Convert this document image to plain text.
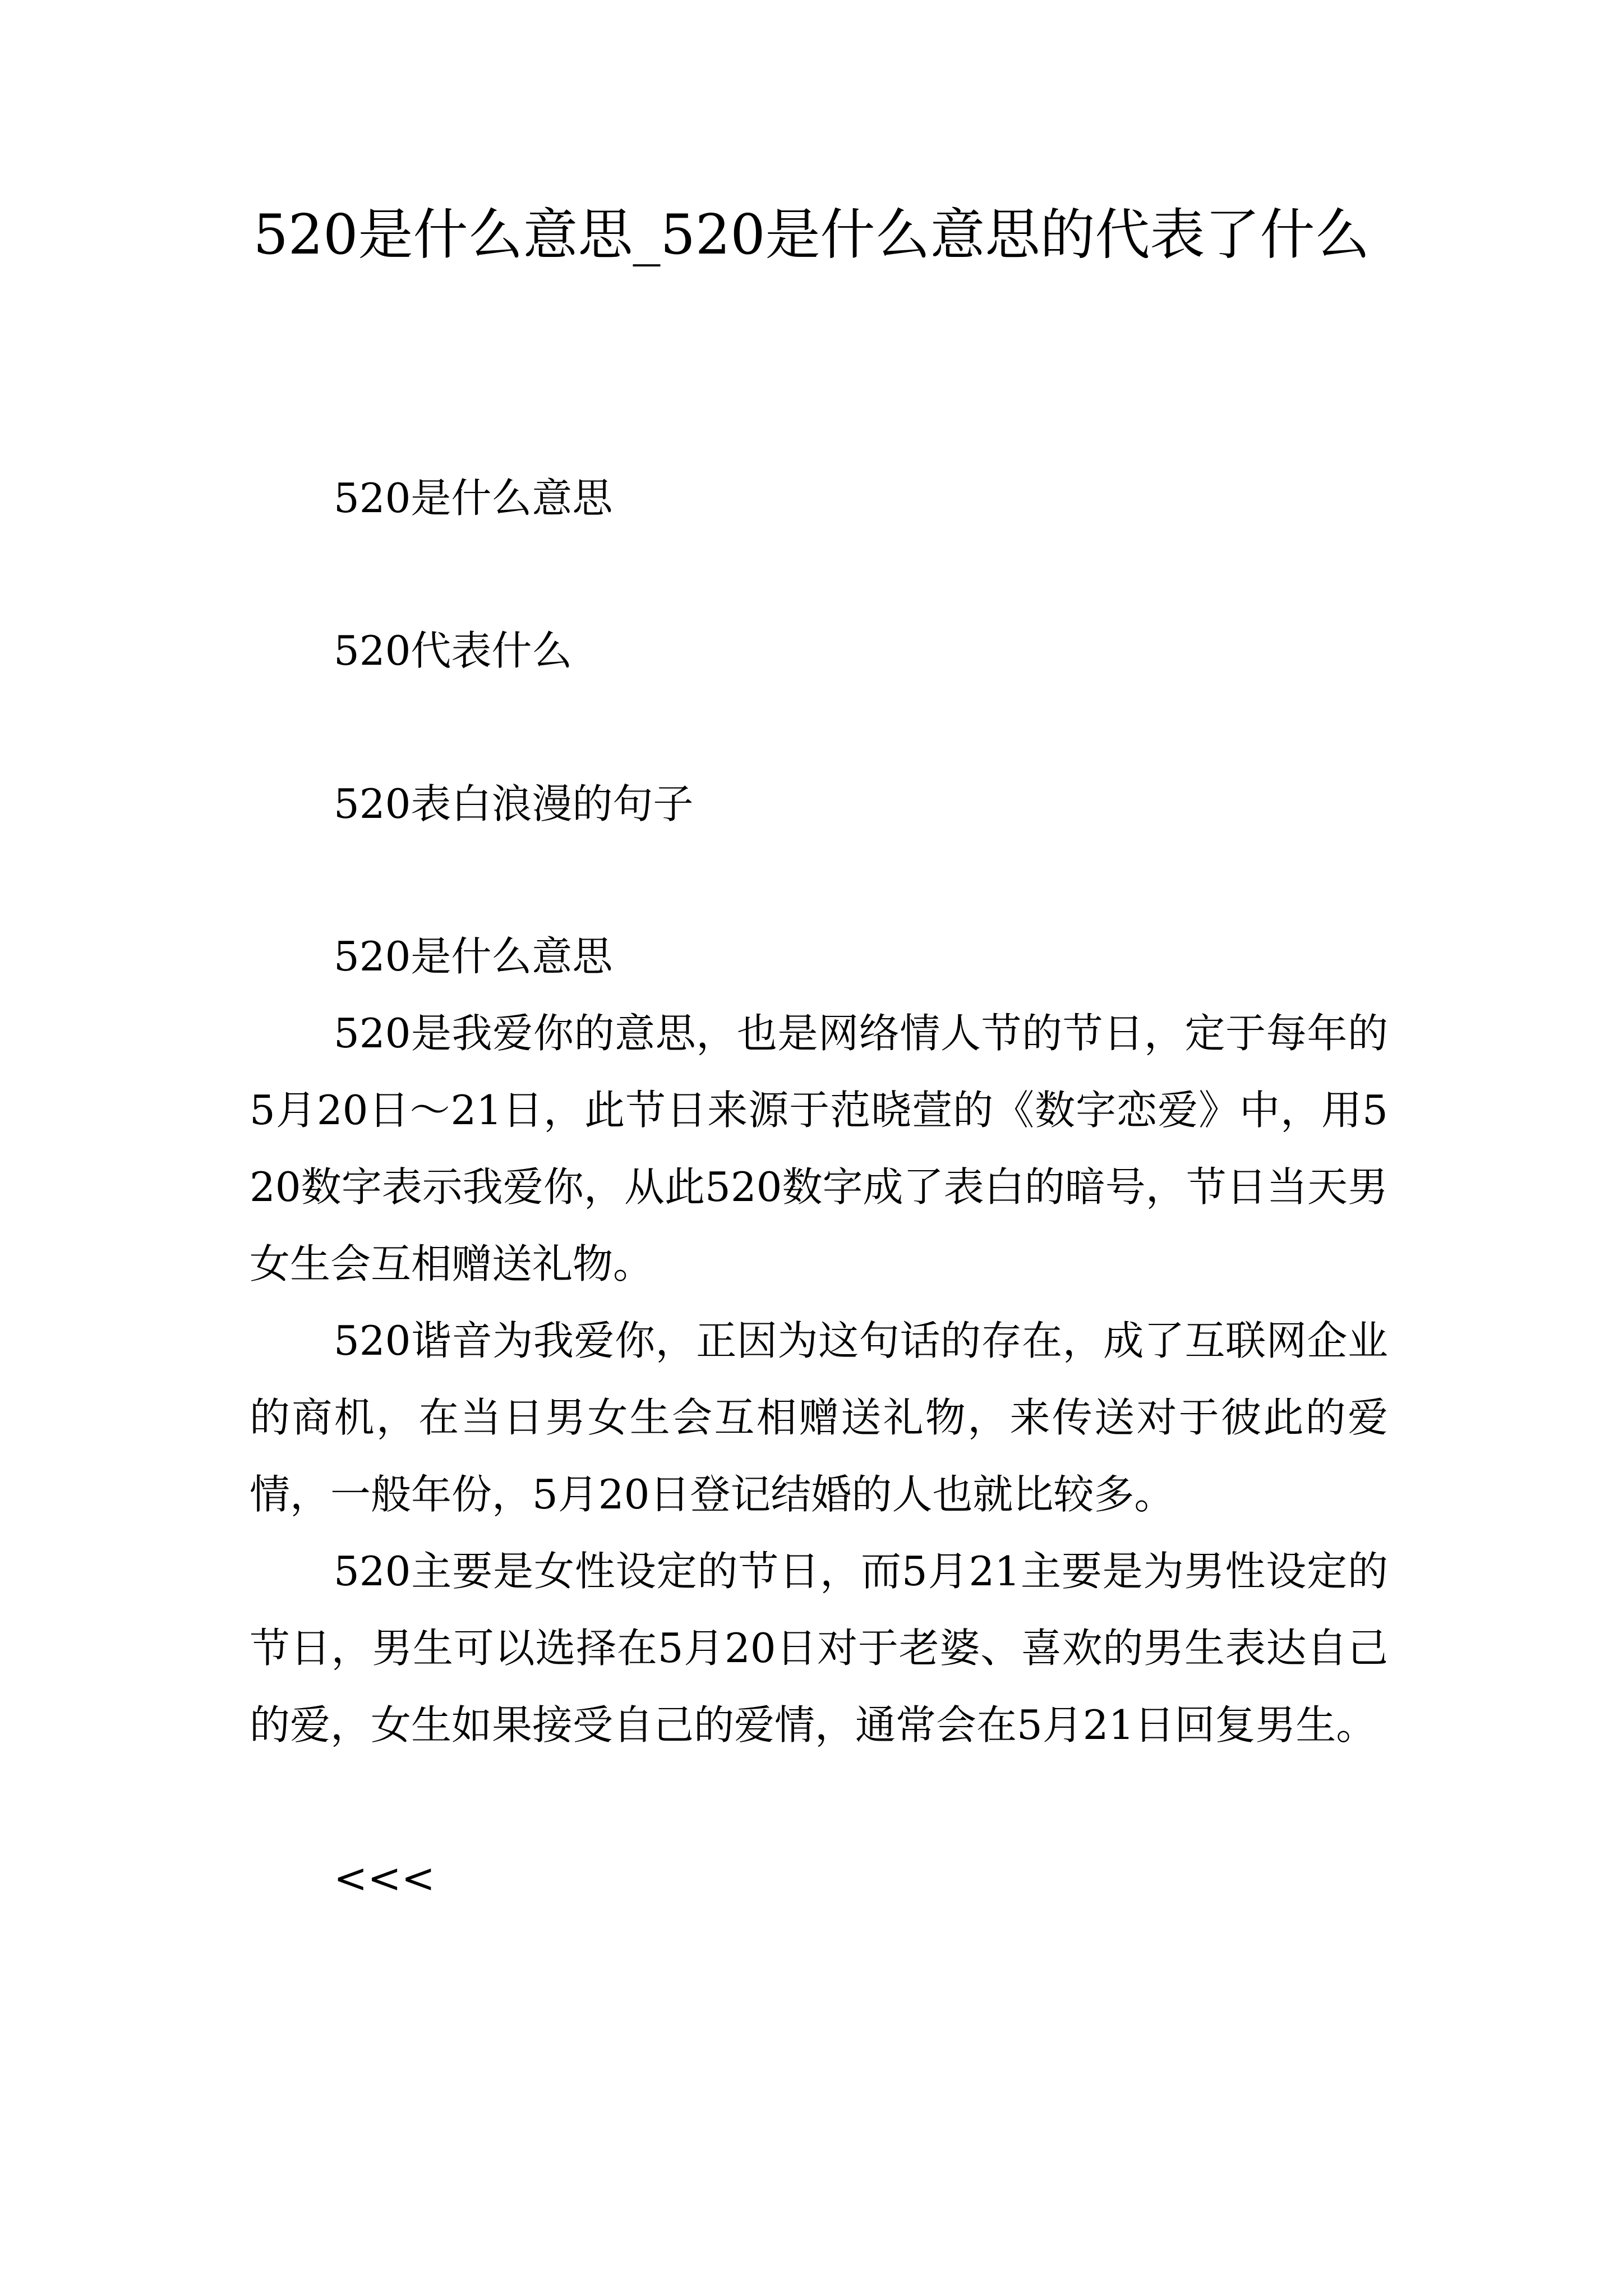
520是什么意思_520是什么意思的代表了什么

520是什么意思

520代表什么

520表白浪漫的句子

520是什么意思

520是我爱你的意思，也是网络情人节的节日，定于每年的5月20日～21日，此节日来源于范晓萱的《数字恋爱》中，用520数字表示我爱你，从此520数字成了表白的暗号，节日当天男女生会互相赠送礼物。

520谐音为我爱你，正因为这句话的存在，成了互联网企业的商机，在当日男女生会互相赠送礼物，来传送对于彼此的爱情，一般年份，5月20日登记结婚的人也就比较多。

520主要是女性设定的节日，而5月21主要是为男性设定的节日，男生可以选择在5月20日对于老婆、喜欢的男生表达自己的爱，女生如果接受自己的爱情，通常会在5月21日回复男生。

<<<
